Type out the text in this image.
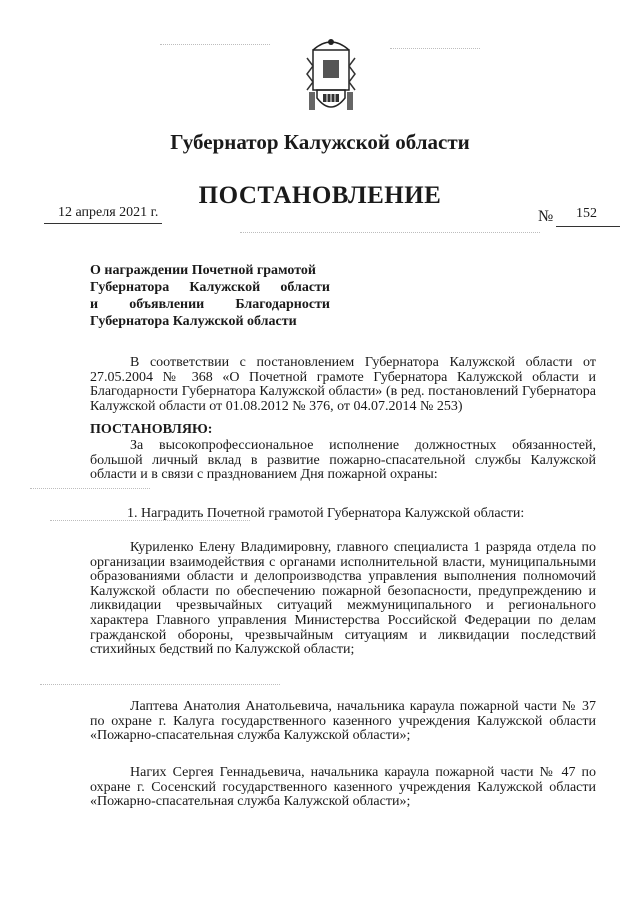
Губернатор Калужской области
ПОСТАНОВЛЕНИЕ
12 апреля 2021 г.	№ 152
О награждении Почетной грамотой
Губернатора Калужской области
и объявлении Благодарности
Губернатора Калужской области

В соответствии с постановлением Губернатора Калужской области от 27.05.2004 № 368 «О Почетной грамоте Губернатора Калужской области и Благодарности Губернатора Калужской области» (в ред. постановлений Губернатора Калужской области от 01.08.2012 № 376, от 04.07.2014 № 253)

ПОСТАНОВЛЯЮ:

За высокопрофессиональное исполнение должностных обязанностей, большой личный вклад в развитие пожарно-спасательной службы Калужской области и в связи с празднованием Дня пожарной охраны:

1. Наградить Почетной грамотой Губернатора Калужской области:

Куриленко Елену Владимировну, главного специалиста 1 разряда отдела по организации взаимодействия с органами исполнительной власти, муниципальными образованиями области и делопроизводства управления выполнения полномочий Калужской области по обеспечению пожарной безопасности, предупреждению и ликвидации чрезвычайных ситуаций межмуниципального и регионального характера Главного управления Министерства Российской Федерации по делам гражданской обороны, чрезвычайным ситуациям и ликвидации последствий стихийных бедствий по Калужской области;

Лаптева Анатолия Анатольевича, начальника караула пожарной части № 37 по охране г. Калуга государственного казенного учреждения Калужской области «Пожарно-спасательная служба Калужской области»;

Нагих Сергея Геннадьевича, начальника караула пожарной части № 47 по охране г. Сосенский государственного казенного учреждения Калужской области «Пожарно-спасательная служба Калужской области»;
